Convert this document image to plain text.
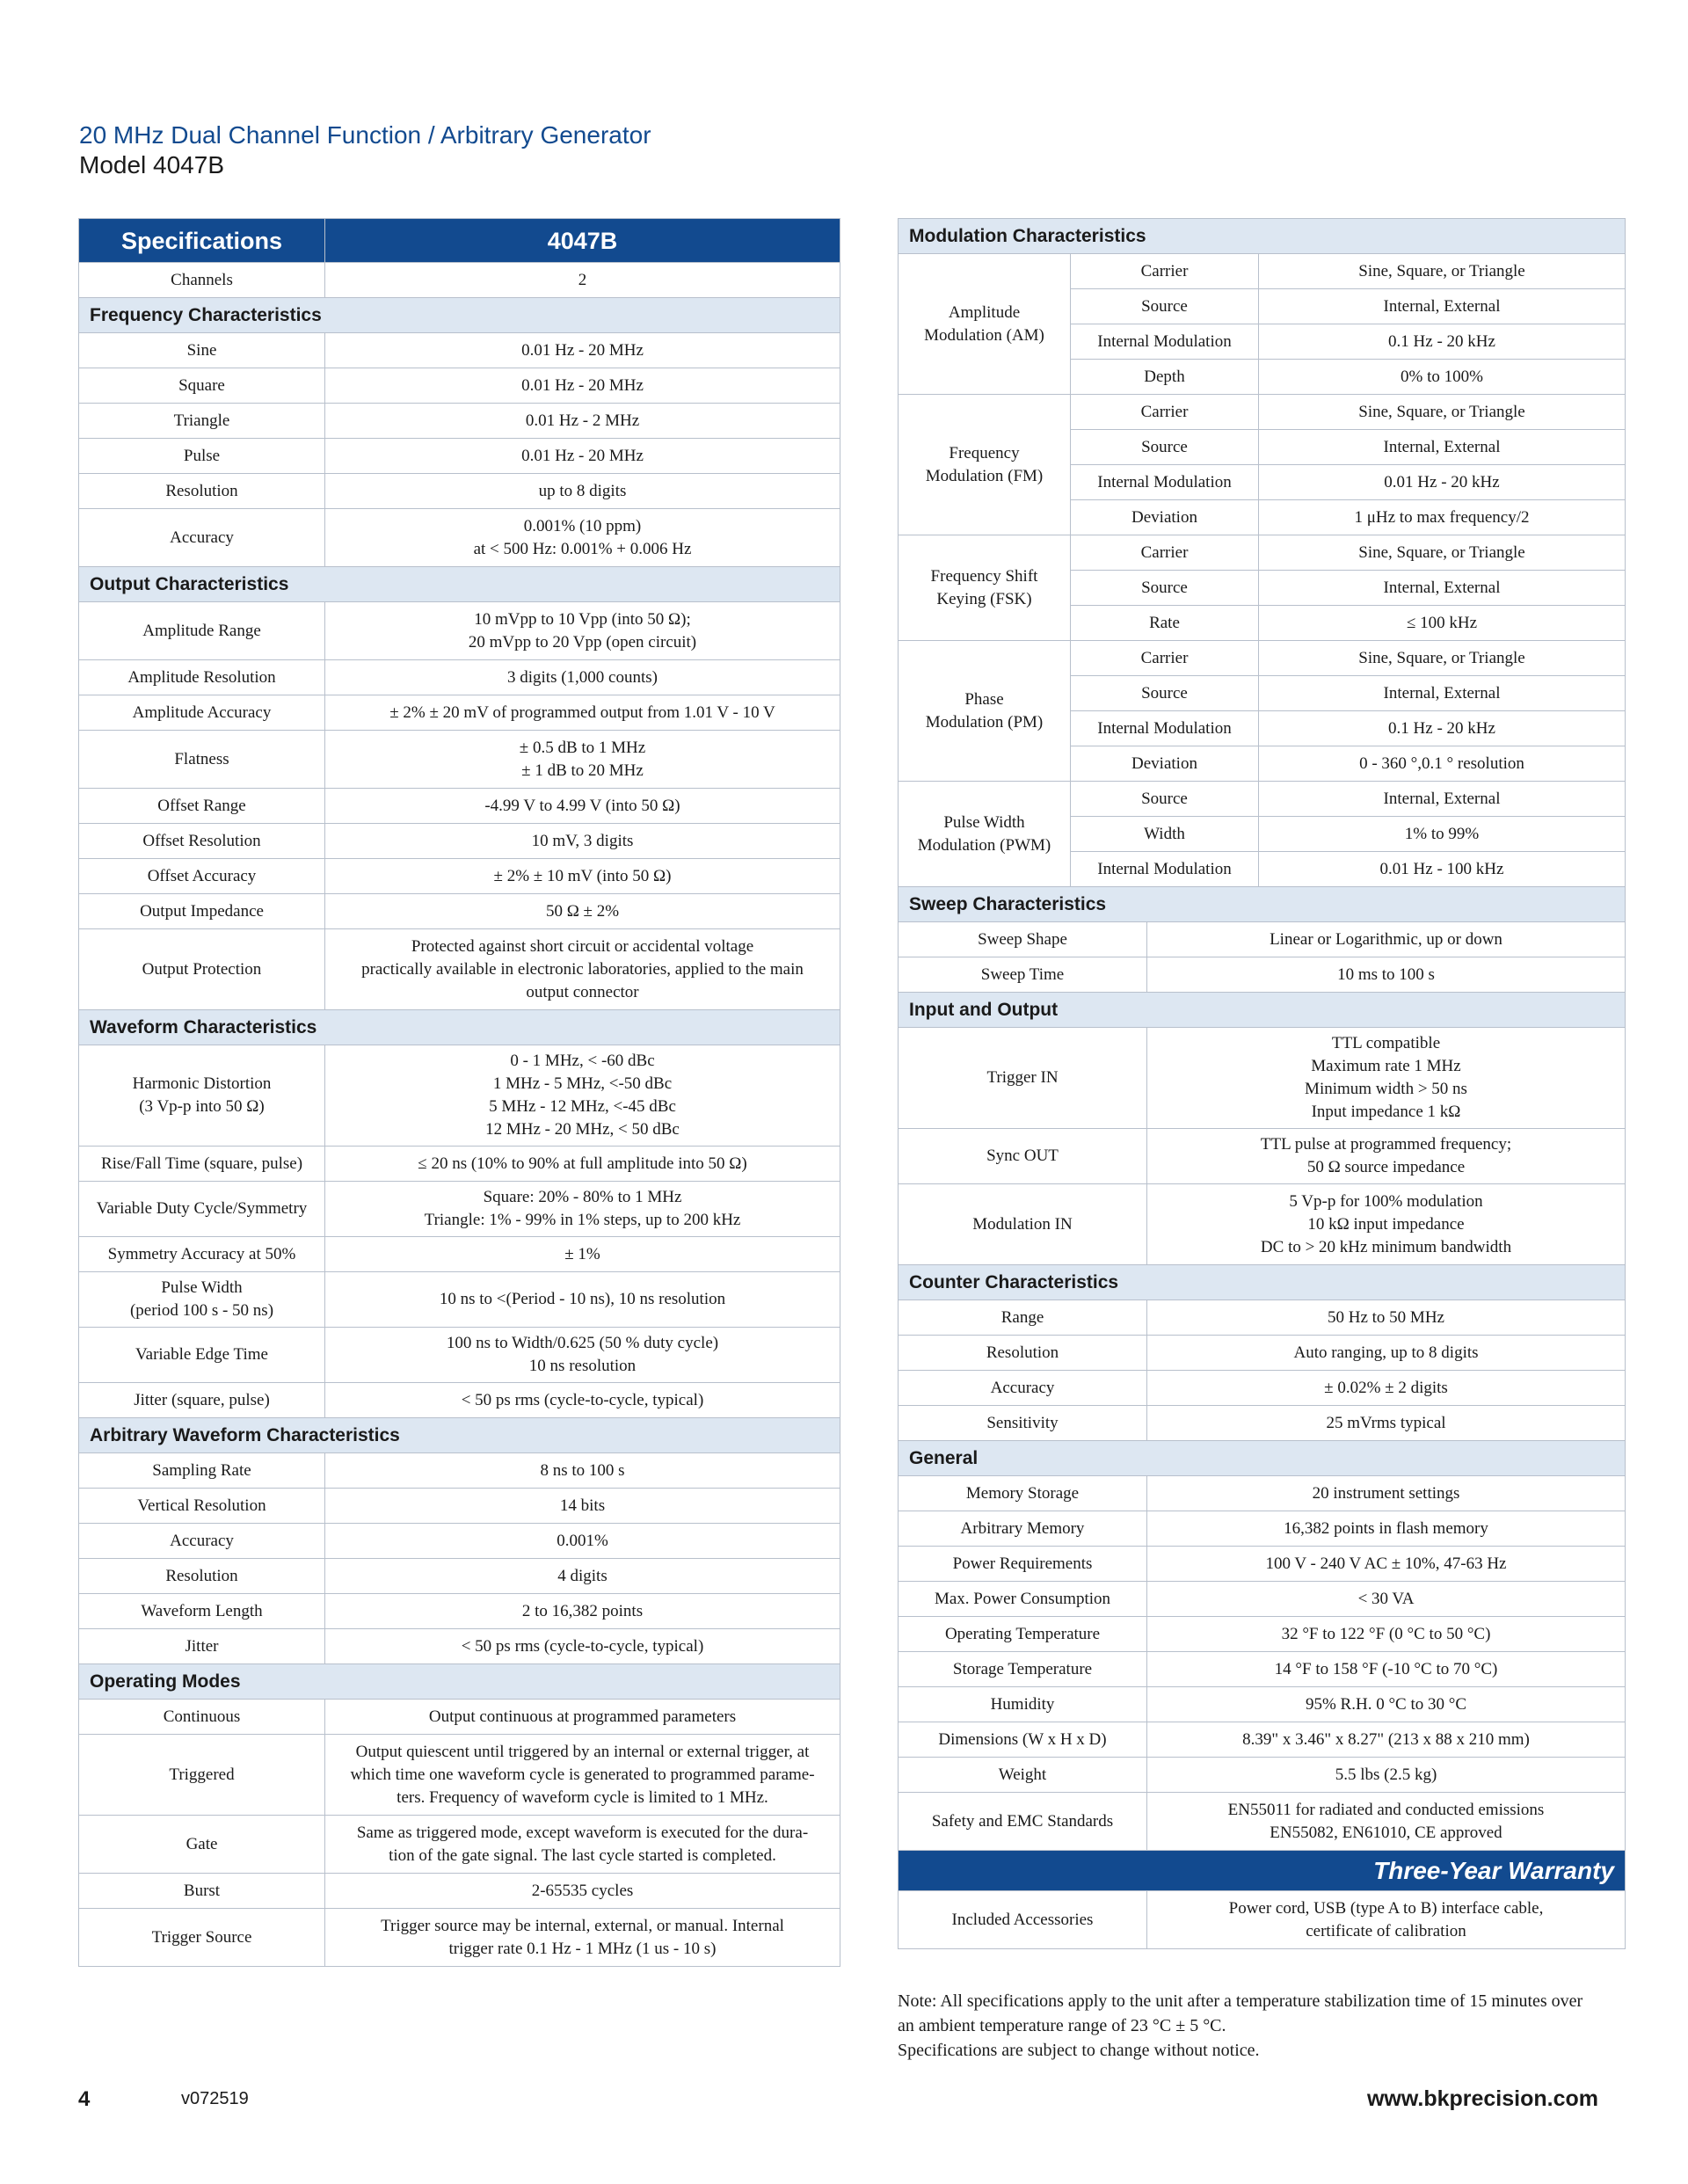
20 MHz Dual Channel Function / Arbitrary Generator
Model 4047B
Specifications	4047B
Channels	2
Frequency Characteristics	
Sine	0.01 Hz - 20 MHz
Square	0.01 Hz - 20 MHz
Triangle	0.01 Hz - 2 MHz
Pulse	0.01 Hz - 20 MHz
Resolution	up to 8 digits
Accuracy	0.001% (10 ppm)
at < 500 Hz: 0.001% + 0.006 Hz
Output Characteristics	
Amplitude Range	10 mVpp to 10 Vpp (into 50 Ω);
20 mVpp to 20 Vpp (open circuit)
Amplitude Resolution	3 digits (1,000 counts)
Amplitude Accuracy	± 2% ± 20 mV of programmed output from 1.01 V - 10 V
Flatness	± 0.5 dB to 1 MHz
± 1 dB to 20 MHz
Offset Range	-4.99 V to 4.99 V (into 50 Ω)
Offset Resolution	10 mV, 3 digits
Offset Accuracy	± 2% ± 10 mV (into 50 Ω)
Output Impedance	50 Ω ± 2%
Output Protection	Protected against short circuit or accidental voltage
practically available in electronic laboratories, applied to the main
output connector
Waveform Characteristics	
Harmonic Distortion
(3 Vp-p into 50 Ω)	0 - 1 MHz, < -60 dBc
1 MHz - 5 MHz, <-50 dBc
5 MHz - 12 MHz, <-45 dBc
12 MHz - 20 MHz, < 50 dBc
Rise/Fall Time (square, pulse)	≤ 20 ns (10% to 90% at full amplitude into 50 Ω)
Variable Duty Cycle/Symmetry	Square: 20% - 80% to 1 MHz
Triangle: 1% - 99% in 1% steps, up to 200 kHz
Symmetry Accuracy at 50%	± 1%
Pulse Width
(period 100 s - 50 ns)	10 ns to <(Period - 10 ns), 10 ns resolution
Variable Edge Time	100 ns to Width/0.625 (50 % duty cycle)
10 ns resolution
Jitter (square, pulse)	< 50 ps rms (cycle-to-cycle, typical)
Arbitrary Waveform Characteristics	
Sampling Rate	8 ns to 100 s
Vertical Resolution	14 bits
Accuracy	0.001%
Resolution	4 digits
Waveform Length	2 to 16,382 points
Jitter	< 50 ps rms (cycle-to-cycle, typical)
Operating Modes	
Continuous	Output continuous at programmed parameters
Triggered	Output quiescent until triggered by an internal or external trigger, at
which time one waveform cycle is generated to programmed parame-
ters. Frequency of waveform cycle is limited to 1 MHz.
Gate	Same as triggered mode, except waveform is executed for the dura-
tion of the gate signal. The last cycle started is completed.
Burst	2-65535 cycles
Trigger Source	Trigger source may be internal, external, or manual. Internal
trigger rate 0.1 Hz - 1 MHz (1 us - 10 s)
Modulation Characteristics		
Amplitude
Modulation (AM)	Carrier	Sine, Square, or Triangle
	Source	Internal, External
	Internal Modulation	0.1 Hz - 20 kHz
	Depth	0% to 100%
Frequency
Modulation (FM)	Carrier	Sine, Square, or Triangle
	Source	Internal, External
	Internal Modulation	0.01 Hz - 20 kHz
	Deviation	1 μHz to max frequency/2
Frequency Shift
Keying (FSK)	Carrier	Sine, Square, or Triangle
	Source	Internal, External
	Rate	≤ 100 kHz
Phase
Modulation (PM)	Carrier	Sine, Square, or Triangle
	Source	Internal, External
	Internal Modulation	0.1 Hz - 20 kHz
	Deviation	0 - 360 °,0.1 ° resolution
Pulse Width
Modulation (PWM)	Source	Internal, External
	Width	1% to 99%
	Internal Modulation	0.01 Hz - 100 kHz
Sweep Characteristics	
Sweep Shape	Linear or Logarithmic, up or down
Sweep Time	10 ms to 100 s
Input and Output	
Trigger IN	TTL compatible
Maximum rate 1 MHz
Minimum width > 50 ns
Input impedance 1 kΩ
Sync OUT	TTL pulse at programmed frequency;
50 Ω source impedance
Modulation IN	5 Vp-p for 100% modulation
10 kΩ input impedance
DC to > 20 kHz minimum bandwidth
Counter Characteristics	
Range	50 Hz to 50 MHz
Resolution	Auto ranging, up to 8 digits
Accuracy	± 0.02% ± 2 digits
Sensitivity	25 mVrms typical
General	
Memory Storage	20 instrument settings
Arbitrary Memory	16,382 points in flash memory
Power Requirements	100 V - 240 V AC ± 10%, 47-63 Hz
Max. Power Consumption	< 30 VA
Operating Temperature	32 °F to 122 °F (0 °C to 50 °C)
Storage Temperature	14 °F to 158 °F (-10 °C to 70 °C)
Humidity	95% R.H. 0 °C to 30 °C
Dimensions (W x H x D)	8.39" x 3.46" x 8.27" (213 x 88 x 210 mm)
Weight	5.5 lbs (2.5 kg)
Safety and EMC Standards	EN55011 for radiated and conducted emissions
EN55082, EN61010, CE approved
Three-Year Warranty	
Included Accessories	Power cord, USB (type A to B) interface cable,
certificate of calibration
Note: All specifications apply to the unit after a temperature stabilization time of 15 minutes over
an ambient temperature range of 23 °C ± 5 °C.
Specifications are subject to change without notice.
4	v072519	www.bkprecision.com
